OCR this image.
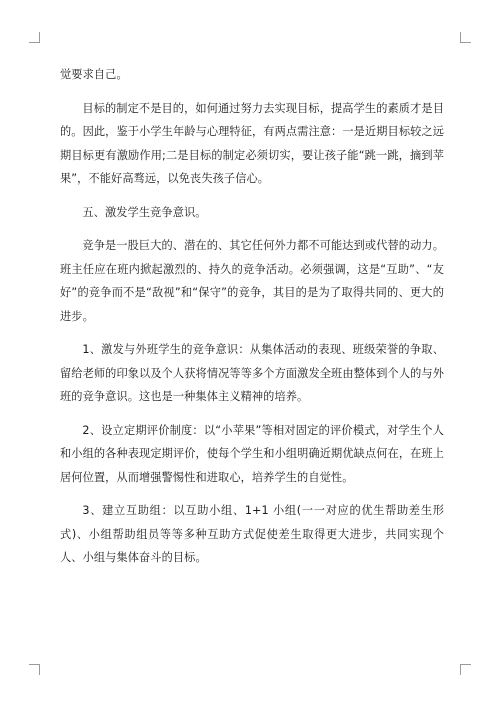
觉要求自己。

目标的制定不是目的，如何通过努力去实现目标，提高学生的素质才是目的。因此，鉴于小学生年龄与心理特征，有两点需注意：一是近期目标较之远期目标更有激励作用;二是目标的制定必须切实，要让孩子能“跳一跳，摘到苹果”，不能好高骛远，以免丧失孩子信心。

五、激发学生竞争意识。

竞争是一股巨大的、潜在的、其它任何外力都不可能达到或代替的动力。班主任应在班内掀起激烈的、持久的竞争活动。必须强调，这是“互助”、“友好”的竞争而不是“敌视”和“保守”的竞争，其目的是为了取得共同的、更大的进步。

1、激发与外班学生的竞争意识：从集体活动的表现、班级荣誉的争取、留给老师的印象以及个人获将情况等等多个方面激发全班由整体到个人的与外班的竞争意识。这也是一种集体主义精神的培养。

2、设立定期评价制度：以“小苹果”等相对固定的评价模式，对学生个人和小组的各种表现定期评价，使每个学生和小组明确近期优缺点何在，在班上居何位置，从而增强警惕性和进取心，培养学生的自觉性。

3、建立互助组：以互助小组、1+1 小组(一一对应的优生帮助差生形式)、小组帮助组员等等多种互助方式促使差生取得更大进步，共同实现个人、小组与集体奋斗的目标。
